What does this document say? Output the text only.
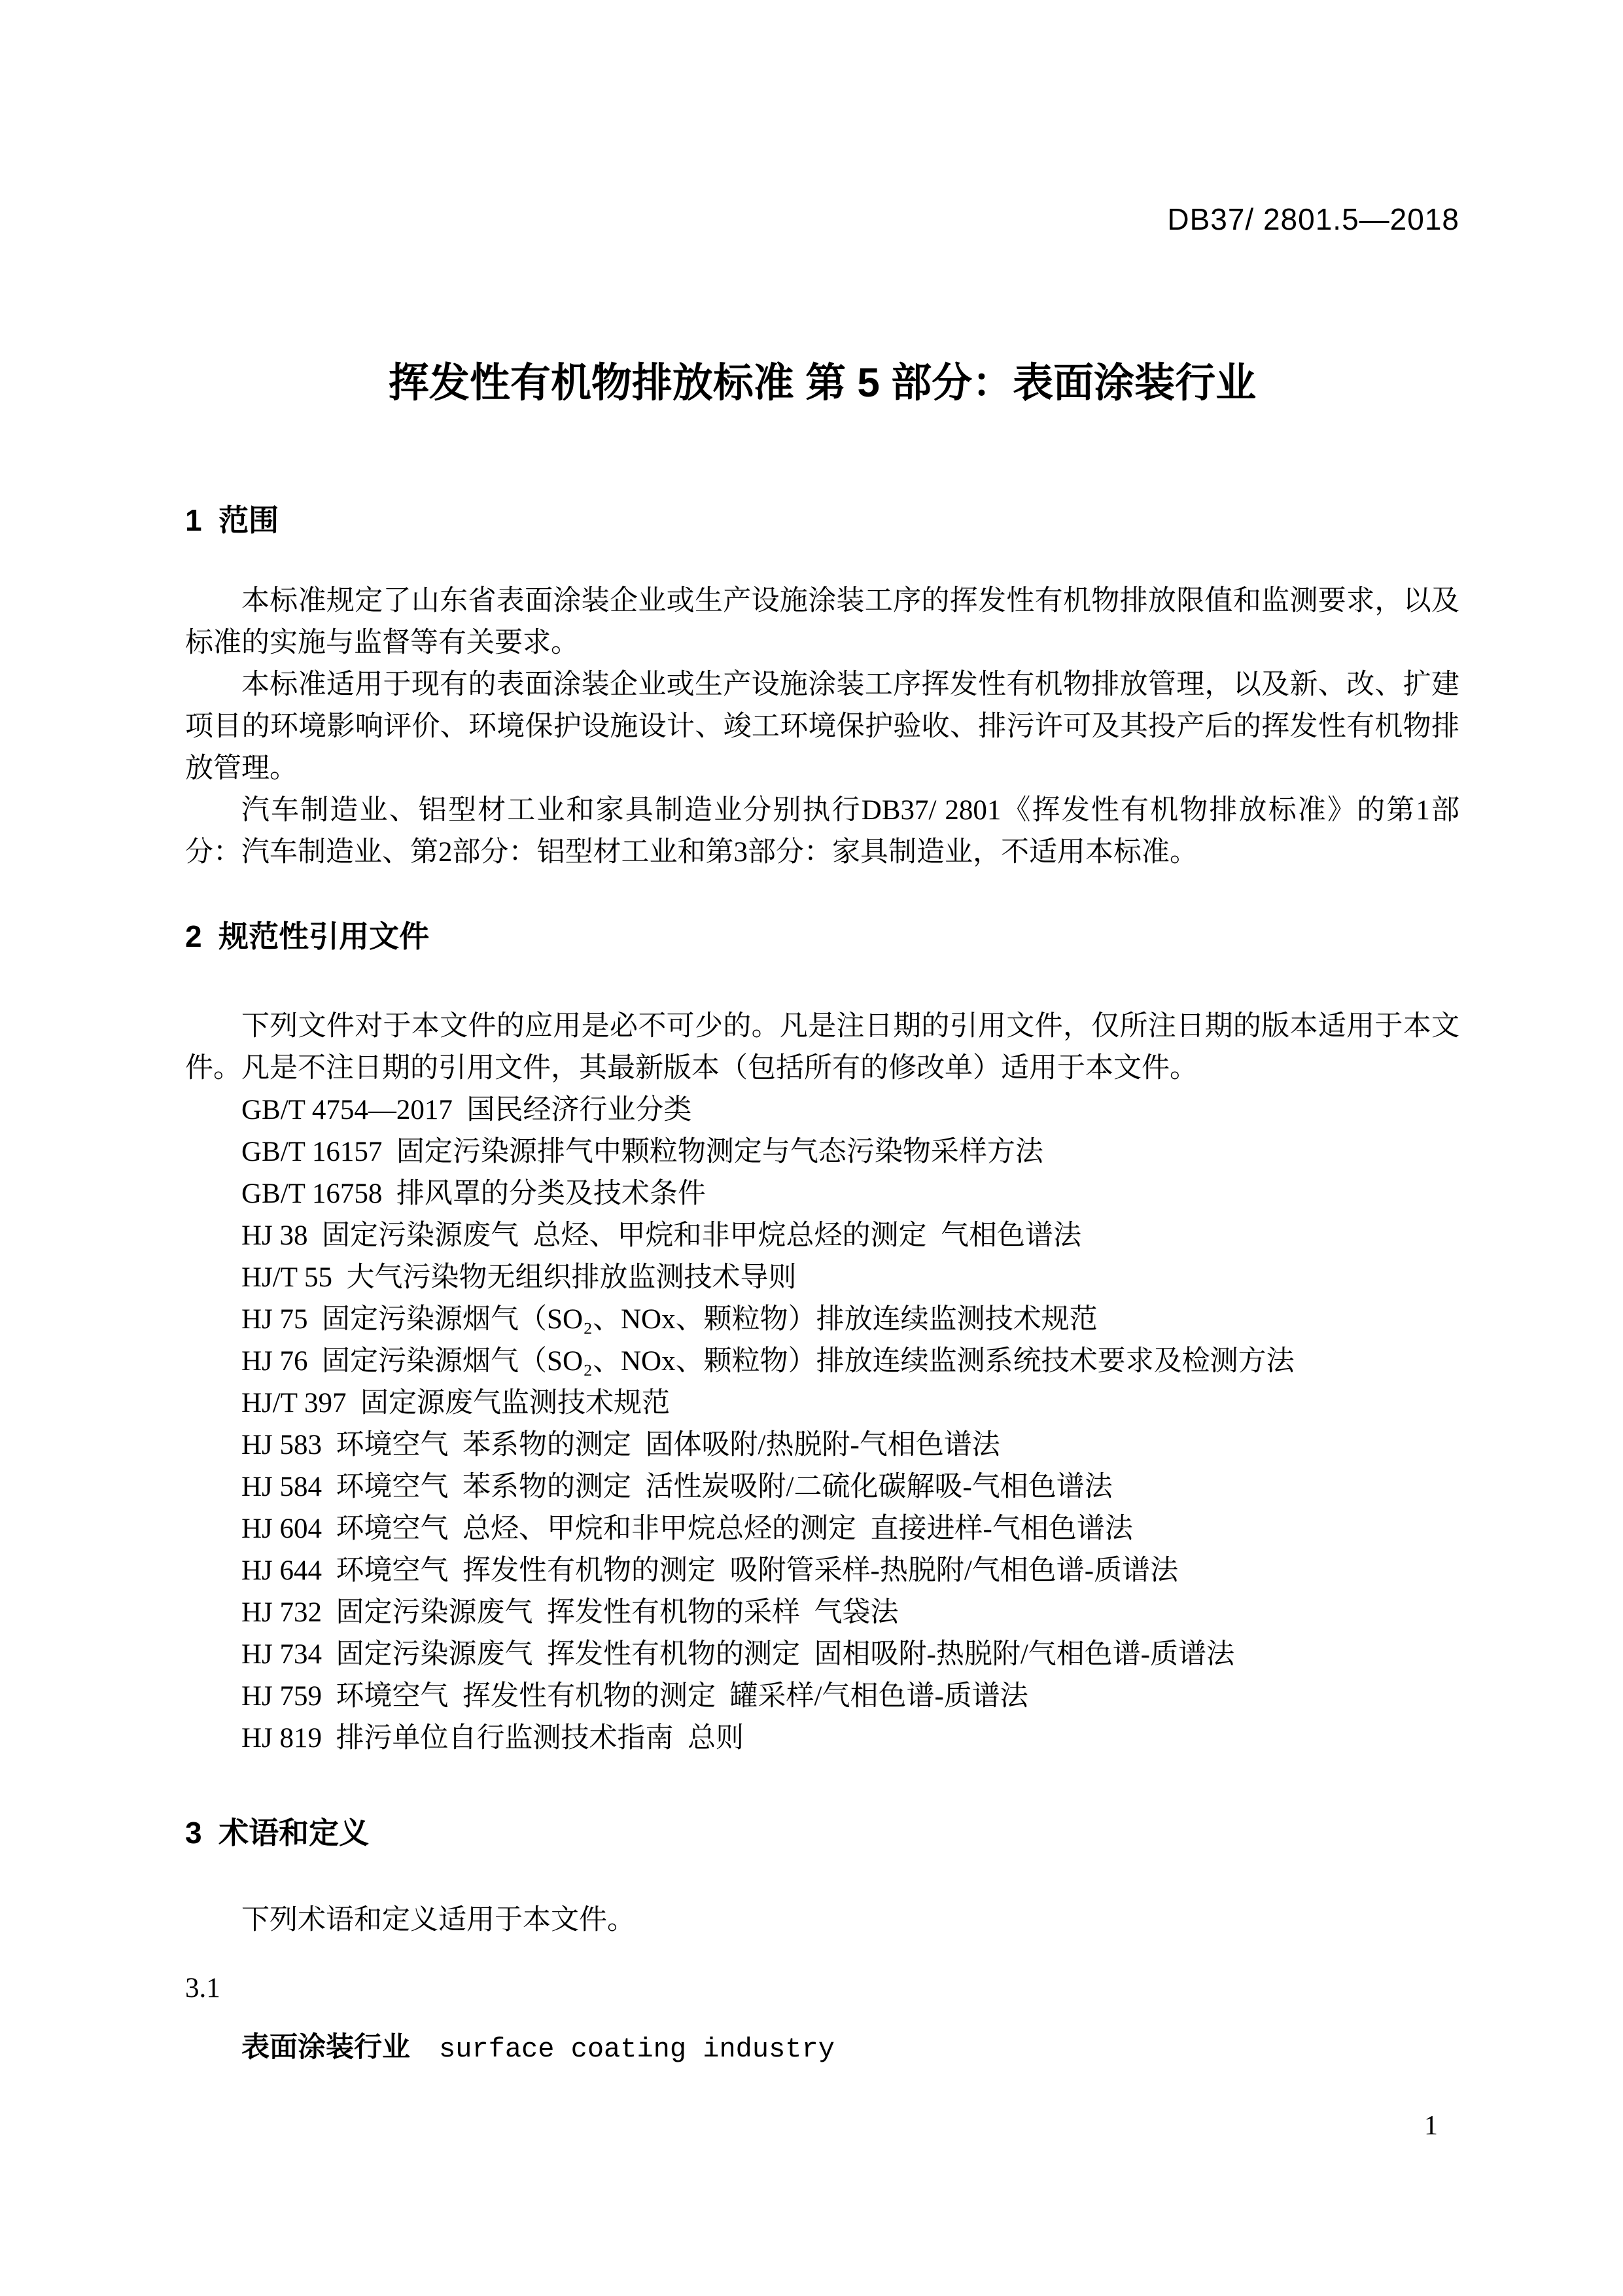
DB37/ 2801.5—2018
挥发性有机物排放标准 第 5 部分：表面涂装行业
1  范围

本标准规定了山东省表面涂装企业或生产设施涂装工序的挥发性有机物排放限值和监测要求，以及标准的实施与监督等有关要求。

本标准适用于现有的表面涂装企业或生产设施涂装工序挥发性有机物排放管理，以及新、改、扩建项目的环境影响评价、环境保护设施设计、竣工环境保护验收、排污许可及其投产后的挥发性有机物排放管理。

汽车制造业、铝型材工业和家具制造业分别执行DB37/ 2801《挥发性有机物排放标准》的第1部分：汽车制造业、第2部分：铝型材工业和第3部分：家具制造业，不适用本标准。

2  规范性引用文件

下列文件对于本文件的应用是必不可少的。凡是注日期的引用文件，仅所注日期的版本适用于本文件。凡是不注日期的引用文件，其最新版本（包括所有的修改单）适用于本文件。

GB/T 4754—2017  国民经济行业分类
GB/T 16157  固定污染源排气中颗粒物测定与气态污染物采样方法
GB/T 16758  排风罩的分类及技术条件
HJ 38  固定污染源废气  总烃、甲烷和非甲烷总烃的测定  气相色谱法
HJ/T 55  大气污染物无组织排放监测技术导则
HJ 75  固定污染源烟气（SO₂、NOx、颗粒物）排放连续监测技术规范
HJ 76  固定污染源烟气（SO₂、NOx、颗粒物）排放连续监测系统技术要求及检测方法
HJ/T 397  固定源废气监测技术规范
HJ 583  环境空气  苯系物的测定  固体吸附/热脱附-气相色谱法
HJ 584  环境空气  苯系物的测定  活性炭吸附/二硫化碳解吸-气相色谱法
HJ 604  环境空气  总烃、甲烷和非甲烷总烃的测定  直接进样-气相色谱法
HJ 644  环境空气  挥发性有机物的测定  吸附管采样-热脱附/气相色谱-质谱法
HJ 732  固定污染源废气  挥发性有机物的采样  气袋法
HJ 734  固定污染源废气  挥发性有机物的测定  固相吸附-热脱附/气相色谱-质谱法
HJ 759  环境空气  挥发性有机物的测定  罐采样/气相色谱-质谱法
HJ 819  排污单位自行监测技术指南  总则
3  术语和定义

下列术语和定义适用于本文件。

3.1
表面涂装行业 surface coating industry
1
